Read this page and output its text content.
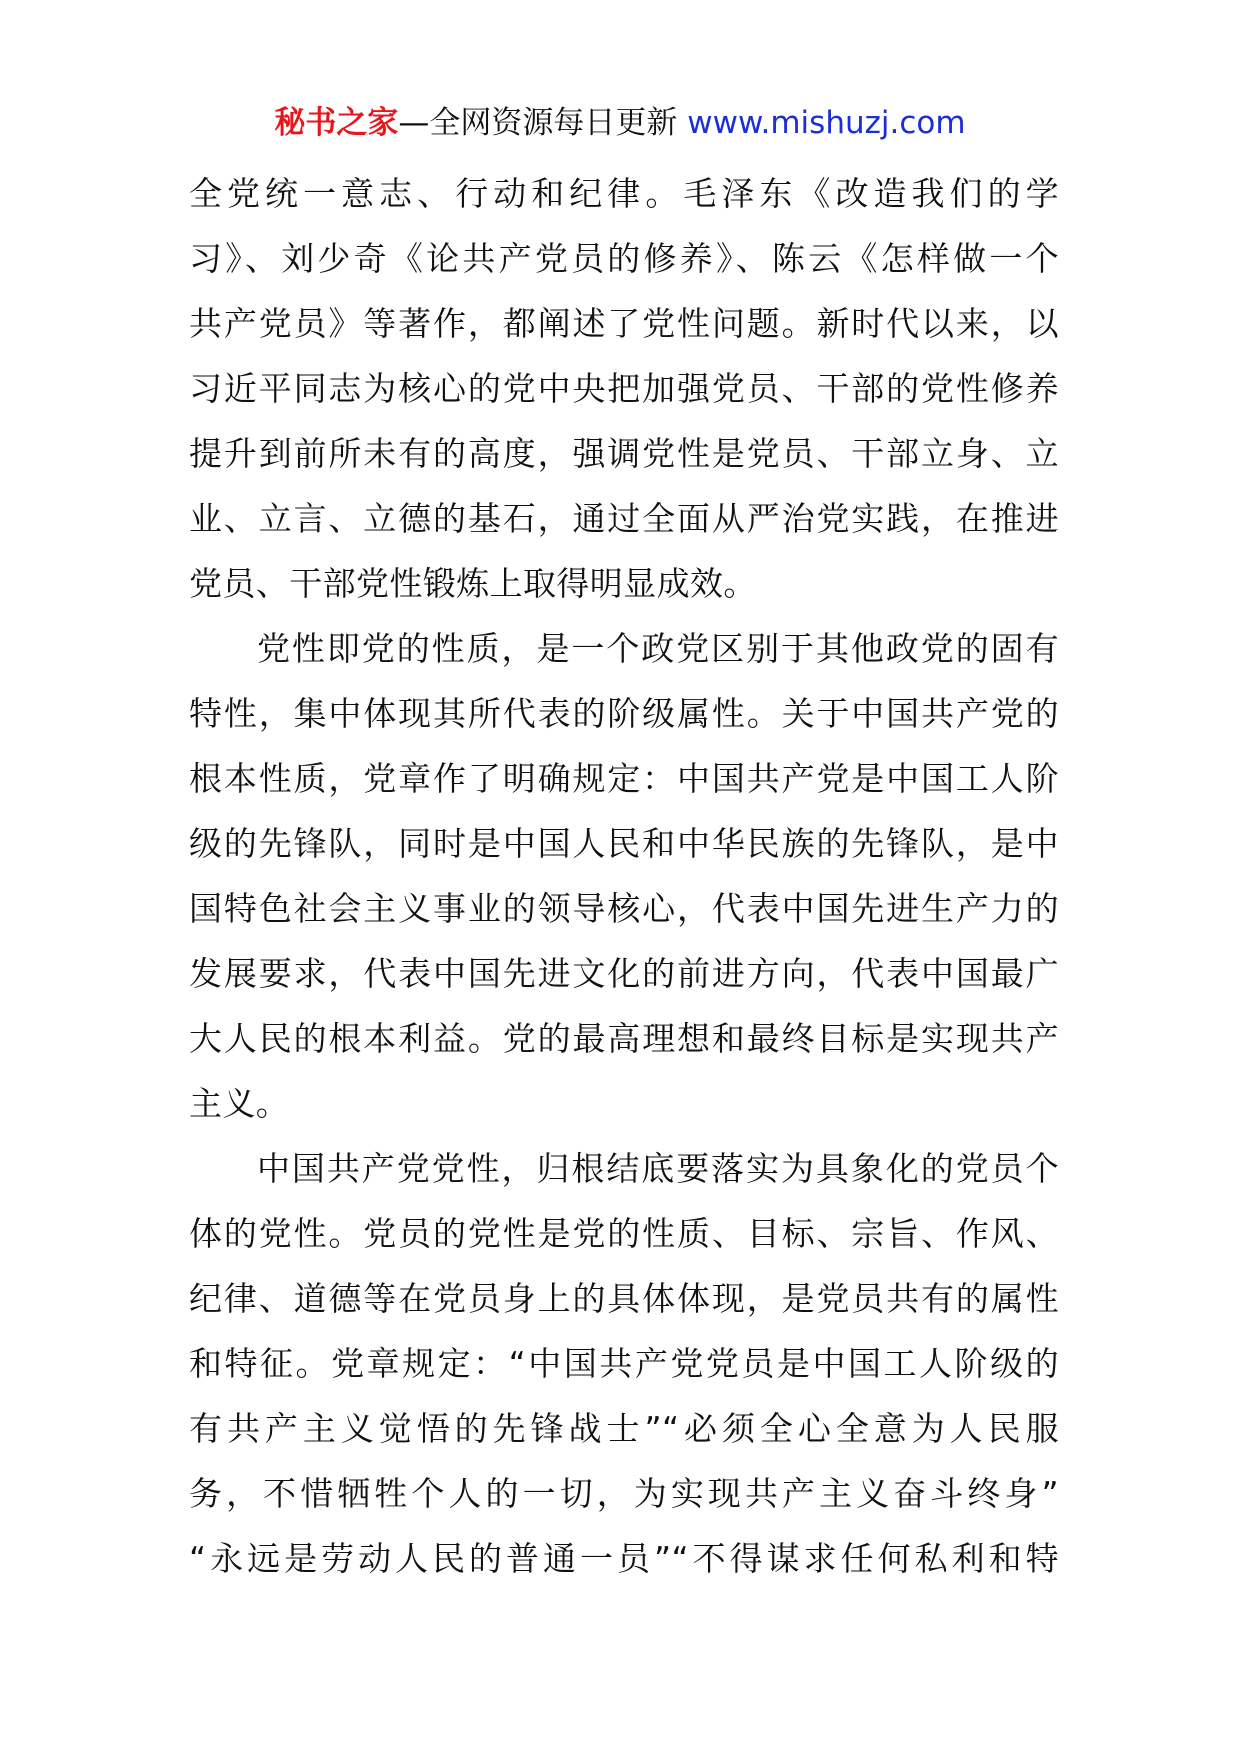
秘书之家—全网资源每日更新 www.mishuzj.com
全党统一意志、行动和纪律。毛泽东《改造我们的学
习》、刘少奇《论共产党员的修养》、陈云《怎样做一个
共产党员》等著作，都阐述了党性问题。新时代以来，以
习近平同志为核心的党中央把加强党员、干部的党性修养
提升到前所未有的高度，强调党性是党员、干部立身、立
业、立言、立德的基石，通过全面从严治党实践，在推进
党员、干部党性锻炼上取得明显成效。
党性即党的性质，是一个政党区别于其他政党的固有
特性，集中体现其所代表的阶级属性。关于中国共产党的
根本性质，党章作了明确规定：中国共产党是中国工人阶
级的先锋队，同时是中国人民和中华民族的先锋队，是中
国特色社会主义事业的领导核心，代表中国先进生产力的
发展要求，代表中国先进文化的前进方向，代表中国最广
大人民的根本利益。党的最高理想和最终目标是实现共产
主义。
中国共产党党性，归根结底要落实为具象化的党员个
体的党性。党员的党性是党的性质、目标、宗旨、作风、
纪律、道德等在党员身上的具体体现，是党员共有的属性
和特征。党章规定：“中国共产党党员是中国工人阶级的
有共产主义觉悟的先锋战士”“必须全心全意为人民服
务，不惜牺牲个人的一切，为实现共产主义奋斗终身”
“永远是劳动人民的普通一员”“不得谋求任何私利和特
